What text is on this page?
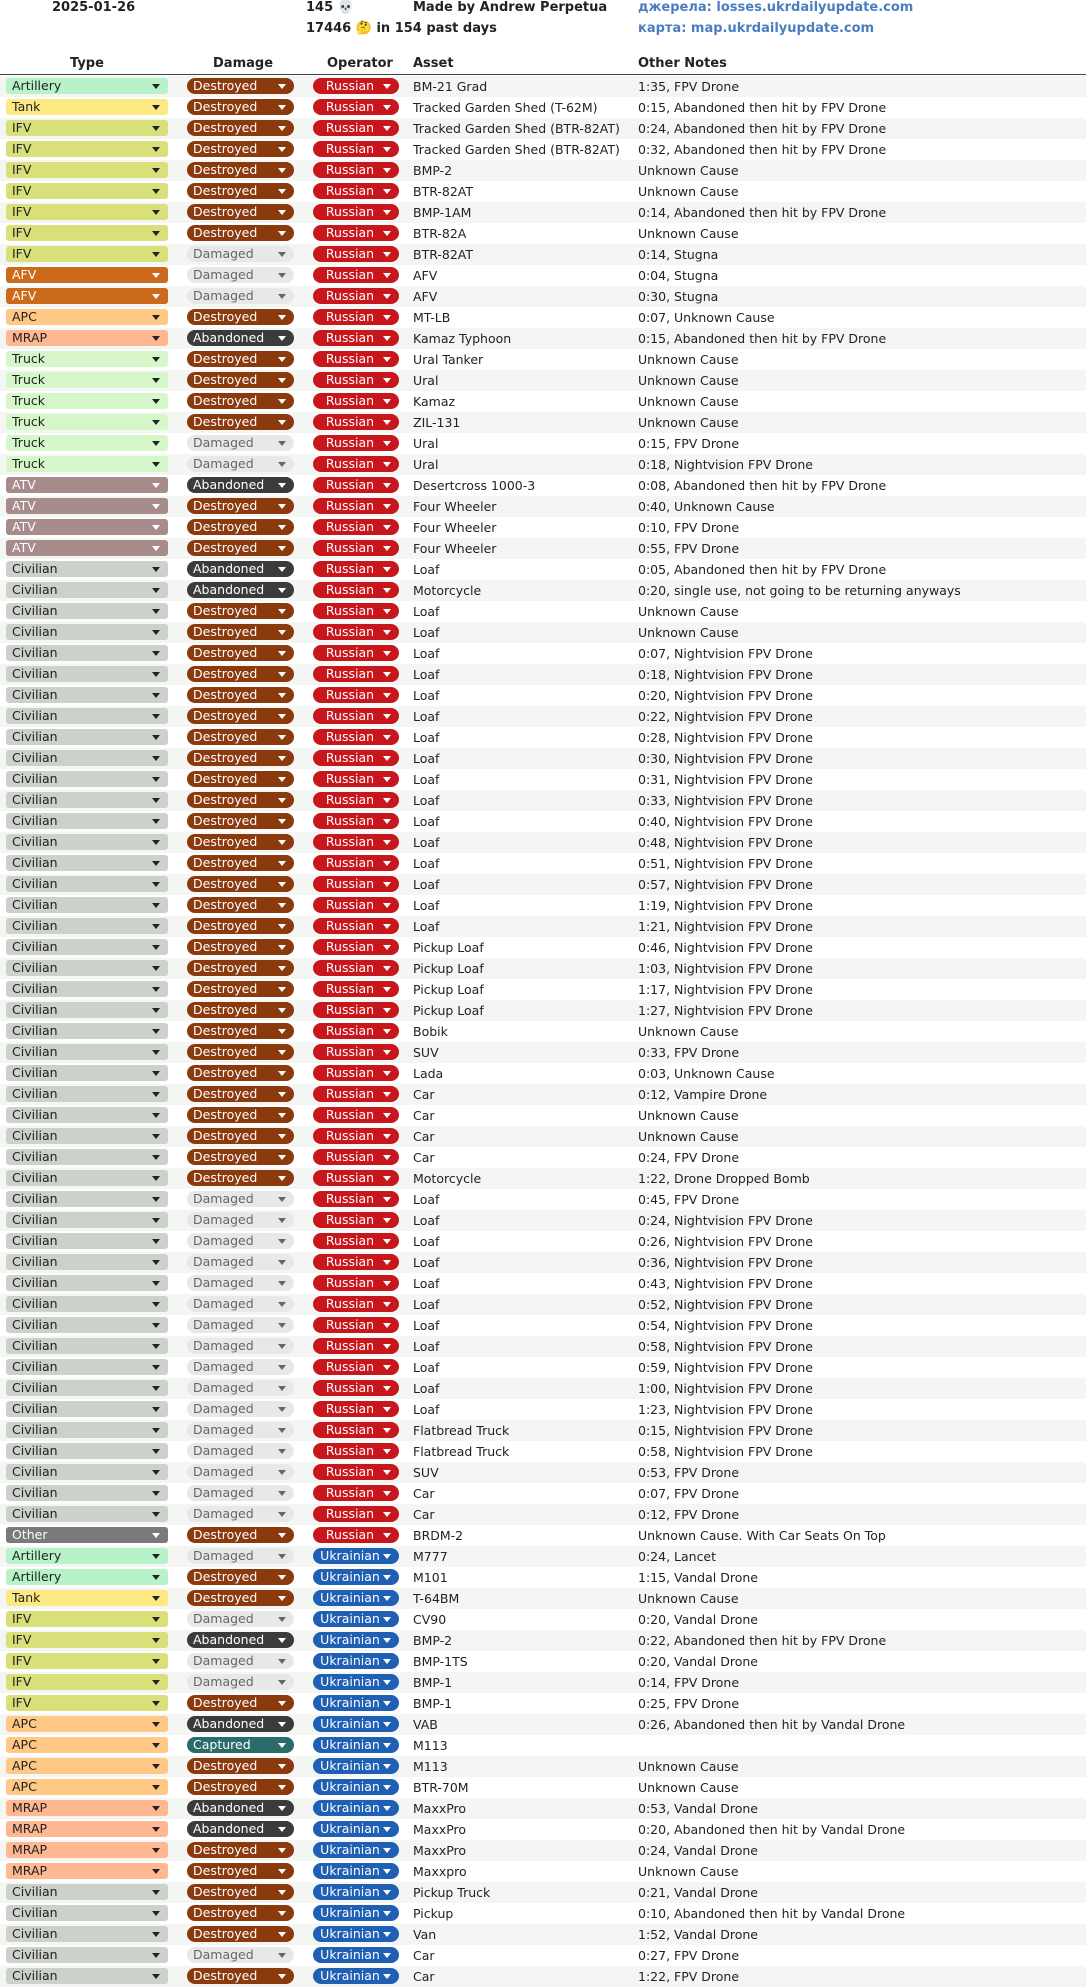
2025-01-26	145 💀
17446 🤔 in 154 past days
Made by Andrew Perpetua джерела: losses.ukrdailyupdate.com
карта: map.ukrdailyupdate.com
Type	Damage	Operator Asset	Other Notes
Artillery	Destroyed	Russian	BM-21 Grad	1:35, FPV Drone
Tank	Destroyed	Russian	Tracked Garden Shed (T-62M)	0:15, Abandoned then hit by FPV Drone
IFV	Destroyed	Russian	Tracked Garden Shed (BTR-82AT) 0:24, Abandoned then hit by FPV Drone
IFV	Destroyed	Russian	Tracked Garden Shed (BTR-82AT) 0:32, Abandoned then hit by FPV Drone
IFV	Destroyed	Russian	BMP-2	Unknown Cause
IFV	Destroyed	Russian	BTR-82AT	Unknown Cause
IFV	Destroyed	Russian	BMP-1AM	0:14, Abandoned then hit by FPV Drone
IFV	Destroyed	Russian	BTR-82A	Unknown Cause
IFV	Damaged	Russian	BTR-82AT	0:14, Stugna
AFV	Damaged	Russian	AFV	0:04, Stugna
AFV	Damaged	Russian	AFV	0:30, Stugna
APC	Destroyed	Russian	MT-LB	0:07, Unknown Cause
MRAP	Abandoned	Russian	Kamaz Typhoon	0:15, Abandoned then hit by FPV Drone
Truck	Destroyed	Russian	Ural Tanker	Unknown Cause
Truck	Destroyed	Russian	Ural	Unknown Cause
Truck	Destroyed	Russian	Kamaz	Unknown Cause
Truck	Destroyed	Russian	ZIL-131	Unknown Cause
Truck	Damaged	Russian	Ural	0:15, FPV Drone
Truck	Damaged	Russian	Ural	0:18, Nightvision FPV Drone
ATV	Abandoned	Russian	Desertcross 1000-3	0:08, Abandoned then hit by FPV Drone
ATV	Destroyed	Russian	Four Wheeler	0:40, Unknown Cause
ATV	Destroyed	Russian	Four Wheeler	0:10, FPV Drone
ATV	Destroyed	Russian	Four Wheeler	0:55, FPV Drone
Civilian	Abandoned	Russian	Loaf	0:05, Abandoned then hit by FPV Drone
Civilian	Abandoned	Russian	Motorcycle	0:20, single use, not going to be returning anyways
Civilian	Destroyed	Russian	Loaf	Unknown Cause
Civilian	Destroyed	Russian	Loaf	Unknown Cause
Civilian	Destroyed	Russian	Loaf	0:07, Nightvision FPV Drone
Civilian	Destroyed	Russian	Loaf	0:18, Nightvision FPV Drone
Civilian	Destroyed	Russian	Loaf	0:20, Nightvision FPV Drone
Civilian	Destroyed	Russian	Loaf	0:22, Nightvision FPV Drone
Civilian	Destroyed	Russian	Loaf	0:28, Nightvision FPV Drone
Civilian	Destroyed	Russian	Loaf	0:30, Nightvision FPV Drone
Civilian	Destroyed	Russian	Loaf	0:31, Nightvision FPV Drone
Civilian	Destroyed	Russian	Loaf	0:33, Nightvision FPV Drone
Civilian	Destroyed	Russian	Loaf	0:40, Nightvision FPV Drone
Civilian	Destroyed	Russian	Loaf	0:48, Nightvision FPV Drone
Civilian	Destroyed	Russian	Loaf	0:51, Nightvision FPV Drone
Civilian	Destroyed	Russian	Loaf	0:57, Nightvision FPV Drone
Civilian	Destroyed	Russian	Loaf	1:19, Nightvision FPV Drone
Civilian	Destroyed	Russian	Loaf	1:21, Nightvision FPV Drone
Civilian	Destroyed	Russian	Pickup Loaf	0:46, Nightvision FPV Drone
Civilian	Destroyed	Russian	Pickup Loaf	1:03, Nightvision FPV Drone
Civilian	Destroyed	Russian	Pickup Loaf	1:17, Nightvision FPV Drone
Civilian	Destroyed	Russian	Pickup Loaf	1:27, Nightvision FPV Drone
Civilian	Destroyed	Russian	Bobik	Unknown Cause
Civilian	Destroyed	Russian	SUV	0:33, FPV Drone
Civilian	Destroyed	Russian	Lada	0:03, Unknown Cause
Civilian	Destroyed	Russian	Car	0:12, Vampire Drone
Civilian	Destroyed	Russian	Car	Unknown Cause
Civilian	Destroyed	Russian	Car	Unknown Cause
Civilian	Destroyed	Russian	Car	0:24, FPV Drone
Civilian	Destroyed	Russian	Motorcycle	1:22, Drone Dropped Bomb
Civilian	Damaged	Russian	Loaf	0:45, FPV Drone
Civilian	Damaged	Russian	Loaf	0:24, Nightvision FPV Drone
Civilian	Damaged	Russian	Loaf	0:26, Nightvision FPV Drone
Civilian	Damaged	Russian	Loaf	0:36, Nightvision FPV Drone
Civilian	Damaged	Russian	Loaf	0:43, Nightvision FPV Drone
Civilian	Damaged	Russian	Loaf	0:52, Nightvision FPV Drone
Civilian	Damaged	Russian	Loaf	0:54, Nightvision FPV Drone
Civilian	Damaged	Russian	Loaf	0:58, Nightvision FPV Drone
Civilian	Damaged	Russian	Loaf	0:59, Nightvision FPV Drone
Civilian	Damaged	Russian	Loaf	1:00, Nightvision FPV Drone
Civilian	Damaged	Russian	Loaf	1:23, Nightvision FPV Drone
Civilian	Damaged	Russian	Flatbread Truck	0:15, Nightvision FPV Drone
Civilian	Damaged	Russian	Flatbread Truck	0:58, Nightvision FPV Drone
Civilian	Damaged	Russian	SUV	0:53, FPV Drone
Civilian	Damaged	Russian	Car	0:07, FPV Drone
Civilian	Damaged	Russian	Car	0:12, FPV Drone
Other	Destroyed	Russian	BRDM-2	Unknown Cause. With Car Seats On Top
Artillery	Damaged	Ukrainian	M777	0:24, Lancet
Artillery	Destroyed	Ukrainian	M101	1:15, Vandal Drone
Tank	Destroyed	Ukrainian	T-64BM	Unknown Cause
IFV	Damaged	Ukrainian	CV90	0:20, Vandal Drone
IFV	Abandoned	Ukrainian	BMP-2	0:22, Abandoned then hit by FPV Drone
IFV	Damaged	Ukrainian	BMP-1TS	0:20, Vandal Drone
IFV	Damaged	Ukrainian	BMP-1	0:14, FPV Drone
IFV	Destroyed	Ukrainian	BMP-1	0:25, FPV Drone
APC	Abandoned	Ukrainian	VAB	0:26, Abandoned then hit by Vandal Drone
APC	Captured	Ukrainian	M113
APC	Destroyed	Ukrainian	M113	Unknown Cause
APC	Destroyed	Ukrainian	BTR-70M	Unknown Cause
MRAP	Abandoned	Ukrainian	MaxxPro	0:53, Vandal Drone
MRAP	Abandoned	Ukrainian	MaxxPro	0:20, Abandoned then hit by Vandal Drone
MRAP	Destroyed	Ukrainian	MaxxPro	0:24, Vandal Drone
MRAP	Destroyed	Ukrainian	Maxxpro	Unknown Cause
Civilian	Destroyed	Ukrainian	Pickup Truck	0:21, Vandal Drone
Civilian	Destroyed	Ukrainian	Pickup	0:10, Abandoned then hit by Vandal Drone
Civilian	Destroyed	Ukrainian	Van	1:52, Vandal Drone
Civilian	Damaged	Ukrainian	Car	0:27, FPV Drone
Civilian	Destroyed	Ukrainian	Car	1:22, FPV Drone
